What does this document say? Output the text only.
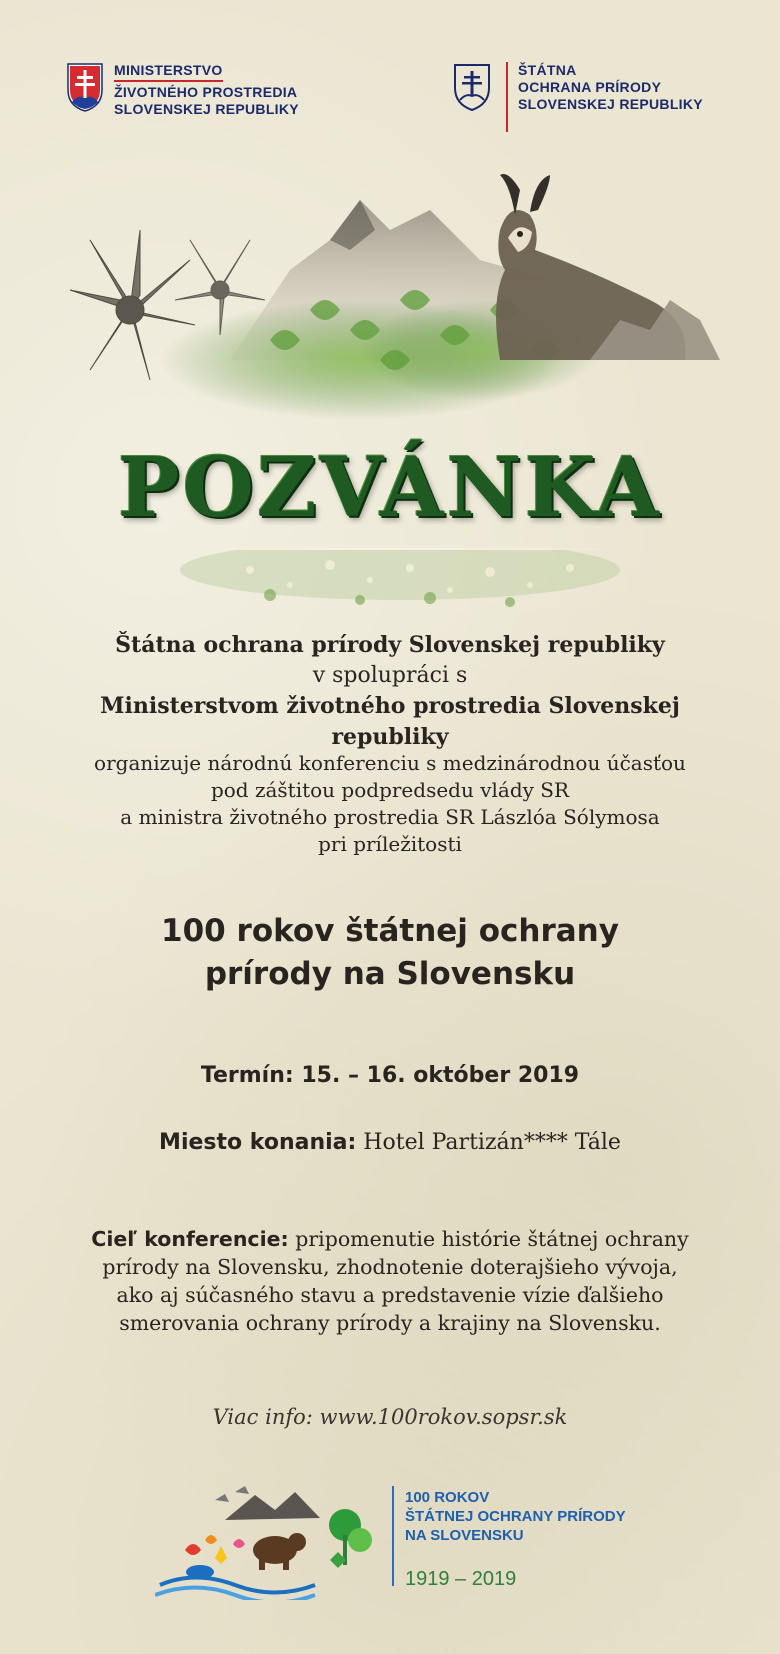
MINISTERSTVO
ŽIVOTNÉHO PROSTREDIA
SLOVENSKEJ REPUBLIKY
ŠTÁTNA
OCHRANA PRÍRODY
SLOVENSKEJ REPUBLIKY
POZVÁNKA
Štátna ochrana prírody Slovenskej republiky
v spolupráci s
Ministerstvom životného prostredia Slovenskej republiky
organizuje národnú konferenciu s medzinárodnou účasťou
pod záštitou podpredsedu vlády SR
a ministra životného prostredia SR Lászlóa Sólymosa
pri príležitosti
100 rokov štátnej ochrany
prírody na Slovensku
Termín: 15. – 16. október 2019
Miesto konania: Hotel Partizán**** Tále
Cieľ konferencie: pripomenutie histórie štátnej ochrany
prírody na Slovensku, zhodnotenie doterajšieho vývoja,
ako aj súčasného stavu a predstavenie vízie ďalšieho
smerovania ochrany prírody a krajiny na Slovensku.
Viac info: www.100rokov.sopsr.sk
100 ROKOV
ŠTÁTNEJ OCHRANY PRÍRODY
NA SLOVENSKU
1919 – 2019
